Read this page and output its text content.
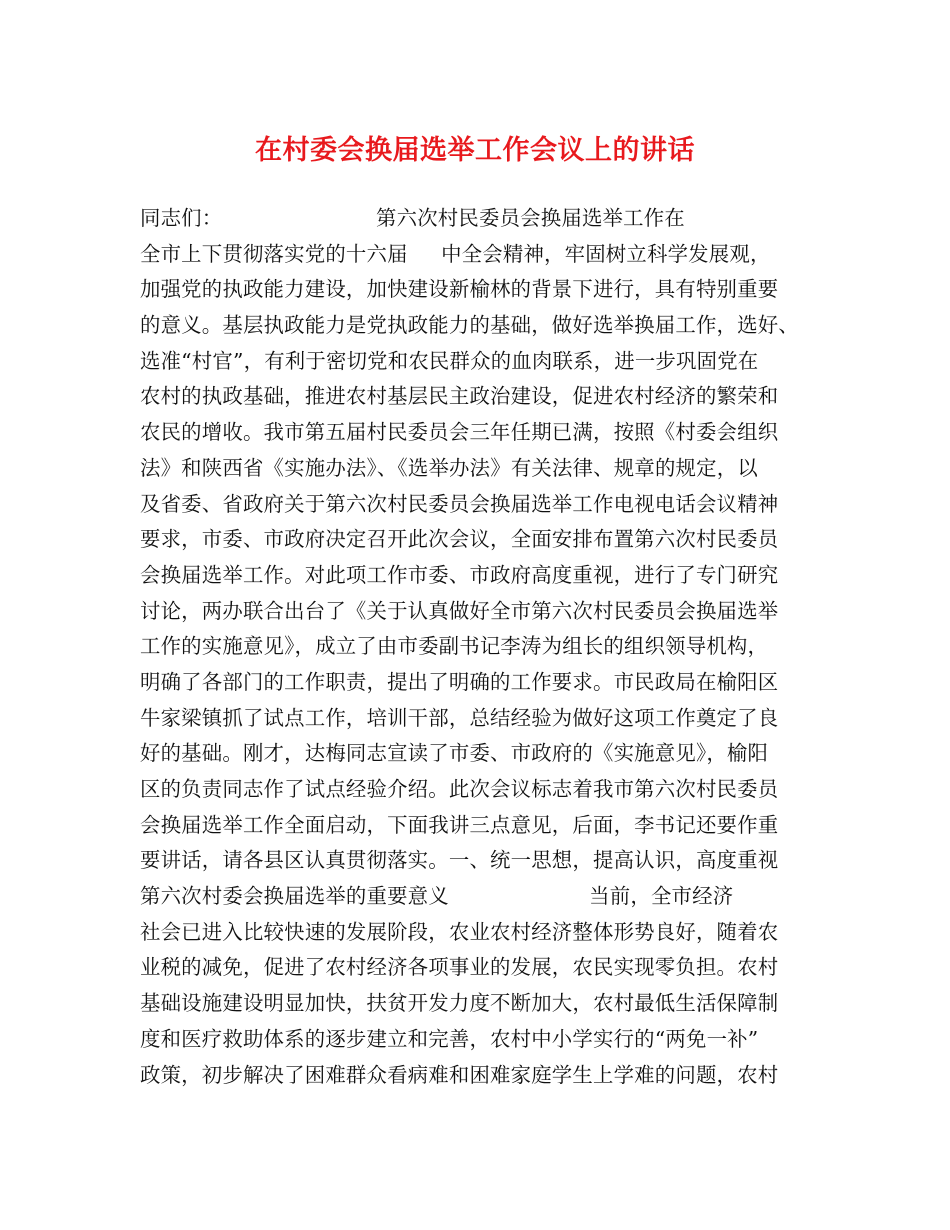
在村委会换届选举工作会议上的讲话
同志们：                       第六次村民委员会换届选举工作在
全市上下贯彻落实党的十六届     中全会精神，牢固树立科学发展观，
加强党的执政能力建设，加快建设新榆林的背景下进行，具有特别重要
的意义。基层执政能力是党执政能力的基础，做好选举换届工作，选好、
选准“村官”，有利于密切党和农民群众的血肉联系，进一步巩固党在
农村的执政基础，推进农村基层民主政治建设，促进农村经济的繁荣和
农民的增收。我市第五届村民委员会三年任期已满，按照《村委会组织
法》和陕西省《实施办法》、《选举办法》有关法律、规章的规定，以
及省委、省政府关于第六次村民委员会换届选举工作电视电话会议精神
要求，市委、市政府决定召开此次会议，全面安排布置第六次村民委员
会换届选举工作。对此项工作市委、市政府高度重视，进行了专门研究
讨论，两办联合出台了《关于认真做好全市第六次村民委员会换届选举
工作的实施意见》，成立了由市委副书记李涛为组长的组织领导机构，
明确了各部门的工作职责，提出了明确的工作要求。市民政局在榆阳区
牛家梁镇抓了试点工作，培训干部，总结经验为做好这项工作奠定了良
好的基础。刚才，达梅同志宣读了市委、市政府的《实施意见》，榆阳
区的负责同志作了试点经验介绍。此次会议标志着我市第六次村民委员
会换届选举工作全面启动，下面我讲三点意见，后面，李书记还要作重
要讲话，请各县区认真贯彻落实。一、统一思想，提高认识，高度重视
第六次村委会换届选举的重要意义                     当前，全市经济
社会已进入比较快速的发展阶段，农业农村经济整体形势良好，随着农
业税的减免，促进了农村经济各项事业的发展，农民实现零负担。农村
基础设施建设明显加快，扶贫开发力度不断加大，农村最低生活保障制
度和医疗救助体系的逐步建立和完善，农村中小学实行的“两免一补”
政策，初步解决了困难群众看病难和困难家庭学生上学难的问题，农村
